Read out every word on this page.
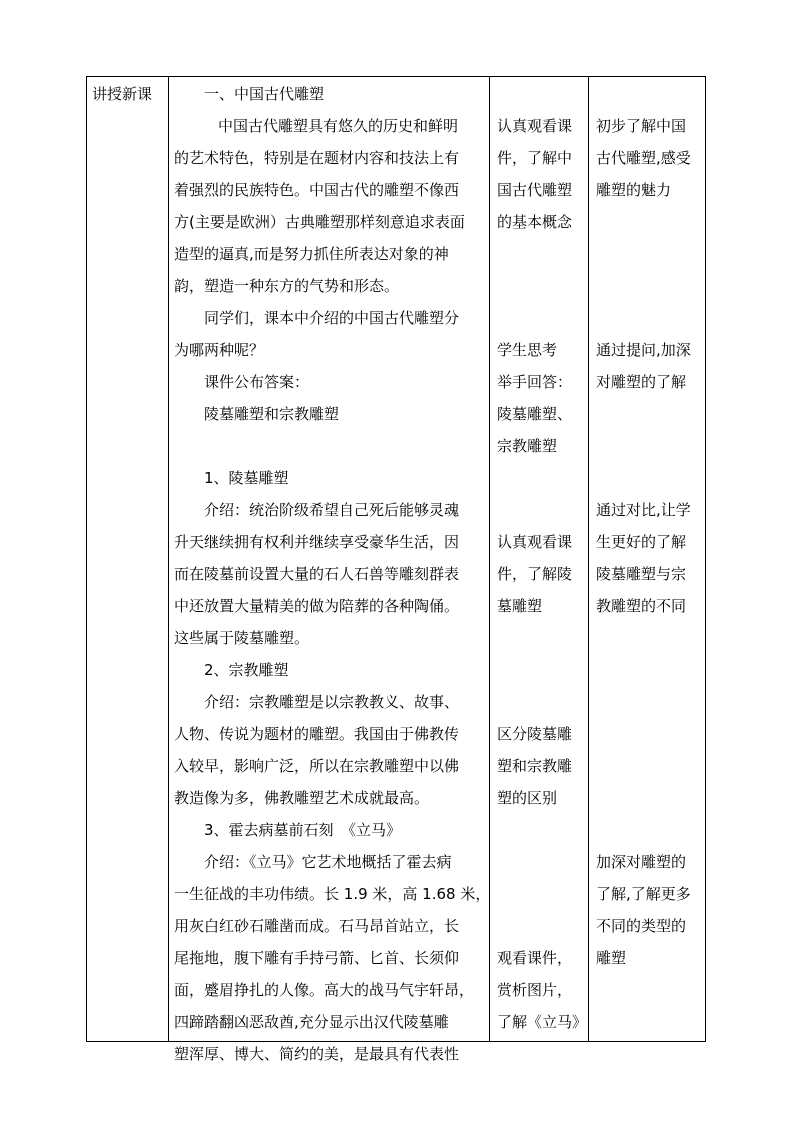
讲授新课	一、中国古代雕塑
中国古代雕塑具有悠久的历史和鲜明
的艺术特色，特别是在题材内容和技法上有
着强烈的民族特色。中国古代的雕塑不像西
方(主要是欧洲）古典雕塑那样刻意追求表面
造型的逼真,而是努力抓住所表达对象的神
韵，塑造一种东方的气势和形态。
同学们，课本中介绍的中国古代雕塑分
为哪两种呢？
课件公布答案：
陵墓雕塑和宗教雕塑
1、陵墓雕塑
介绍：统治阶级希望自己死后能够灵魂
升天继续拥有权利并继续享受豪华生活，因
而在陵墓前设置大量的石人石兽等雕刻群表
中还放置大量精美的做为陪葬的各种陶俑。
这些属于陵墓雕塑。
2、宗教雕塑
介绍：宗教雕塑是以宗教教义、故事、
人物、传说为题材的雕塑。我国由于佛教传
入较早，影响广泛，所以在宗教雕塑中以佛
教造像为多，佛教雕塑艺术成就最高。
3、霍去病墓前石刻　《立马》
介绍：《立马》它艺术地概括了霍去病
一生征战的丰功伟绩。长 1.9 米，高 1.68 米，
用灰白红砂石雕凿而成。石马昂首站立，长
尾拖地，腹下雕有手持弓箭、匕首、长须仰
面，蹙眉挣扎的人像。高大的战马气宇轩昂，
四蹄踏翻凶恶敌酋,充分显示出汉代陵墓雕
塑浑厚、博大、简约的美，是最具有代表性
认真观看课
件，了解中
国古代雕塑
的基本概念
学生思考
举手回答：
陵墓雕塑、
宗教雕塑
认真观看课
件，了解陵
墓雕塑
区分陵墓雕
塑和宗教雕
塑的区别
观看课件，
赏析图片，
了解《立马》
初步了解中国
古代雕塑,感受
雕塑的魅力
通过提问,加深
对雕塑的了解
通过对比,让学
生更好的了解
陵墓雕塑与宗
教雕塑的不同
加深对雕塑的
了解,了解更多
不同的类型的
雕塑
